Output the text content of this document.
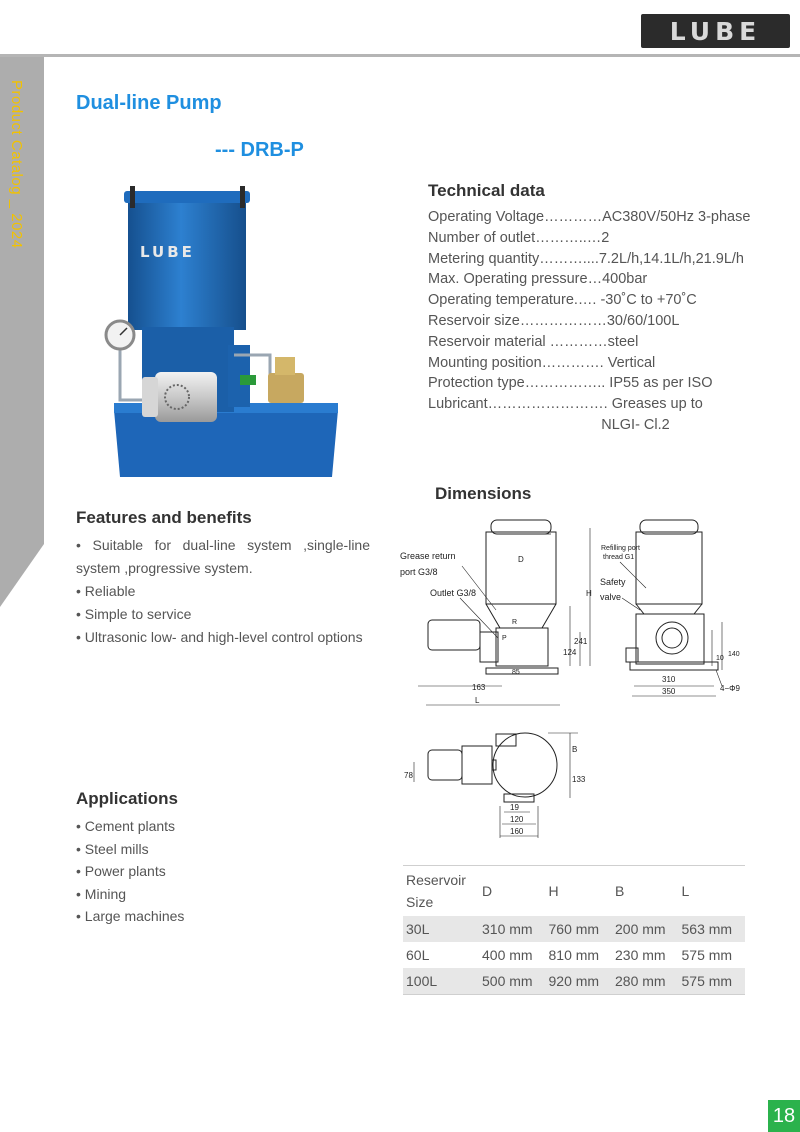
LUBE
Product Catalog _ 2024	Dual-line Pump
--- DRB-P
LUBE
Technical data
Operating Voltage…………AC380V/50Hz 3-phase
Number of outlet………..…2
Metering quantity………....7.2L/h,14.1L/h,21.9L/h
Max. Operating pressure…400bar
Operating temperature.…. -30˚C to +70˚C
Reservoir size………………30/60/100L
Reservoir material …………steel
Mounting position…………. Vertical
Protection type…………….. IP55 as per ISO
Lubricant……………………. Greases up to
NLGI- Cl.2
Dimensions
Grease return
port G3/8
Outlet G3/8
D
H
241
124
85
P
R
163
L
Refilling port
thread G1
Safety
valve
310
350
10
140
4−Φ9
B
133
78
19
120
160
Features and benefits
• Suitable for dual-line system ,single-line system ,progressive system.
• Reliable
• Simple to service
• Ultrasonic low- and high-level control options
Applications
• Cement plants
• Steel mills
• Power plants
• Mining
• Large machines
Reservoir Size	D	H	B	L
30L	310 mm	760 mm	200 mm	563 mm
60L	400 mm	810 mm	230 mm	575 mm
100L	500 mm	920 mm	280 mm	575 mm
18
